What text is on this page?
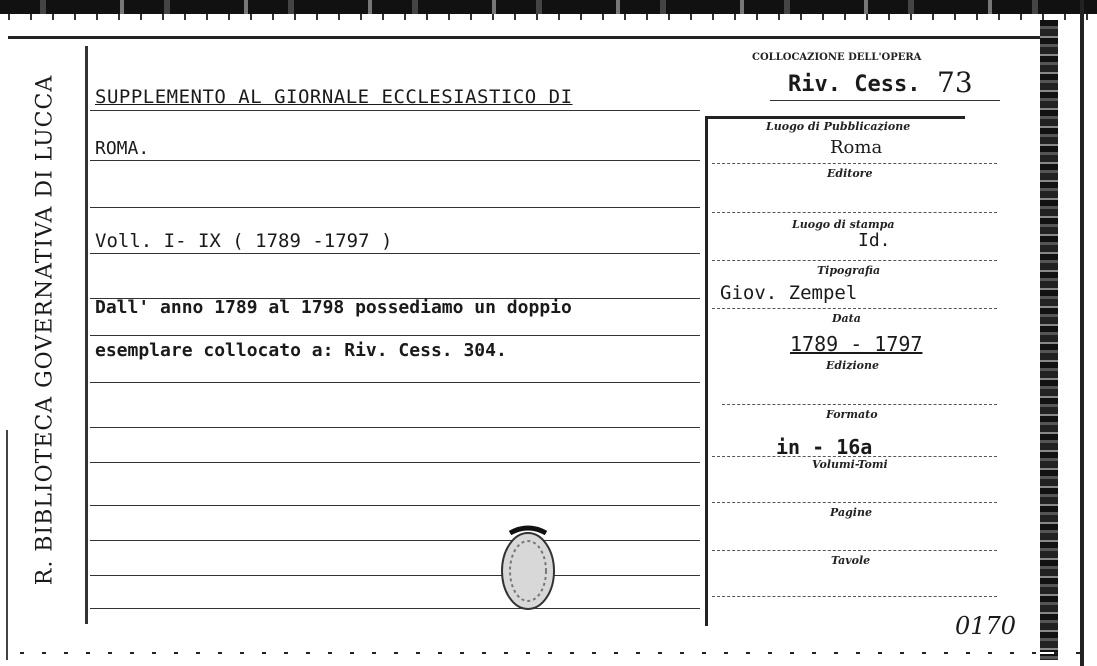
R. BIBLIOTECA GOVERNATIVA DI LUCCA
COLLOCAZIONE DELL'OPERA
Riv. Cess. 73
SUPPLEMENTO AL GIORNALE ECCLESIASTICO DI
ROMA.
Voll. I- IX ( 1789 -1797 )
Dall' anno 1789 al 1798 possediamo un doppio
esemplare collocato a: Riv. Cess. 304.
Luogo di Pubblicazione
Roma
Editore
Luogo di stampa
Id.
Tipografia
Giov. Zempel
Data
1789 - 1797
Edizione
Formato
in - 16a
Volumi-Tomi
Pagine
Tavole
0170
